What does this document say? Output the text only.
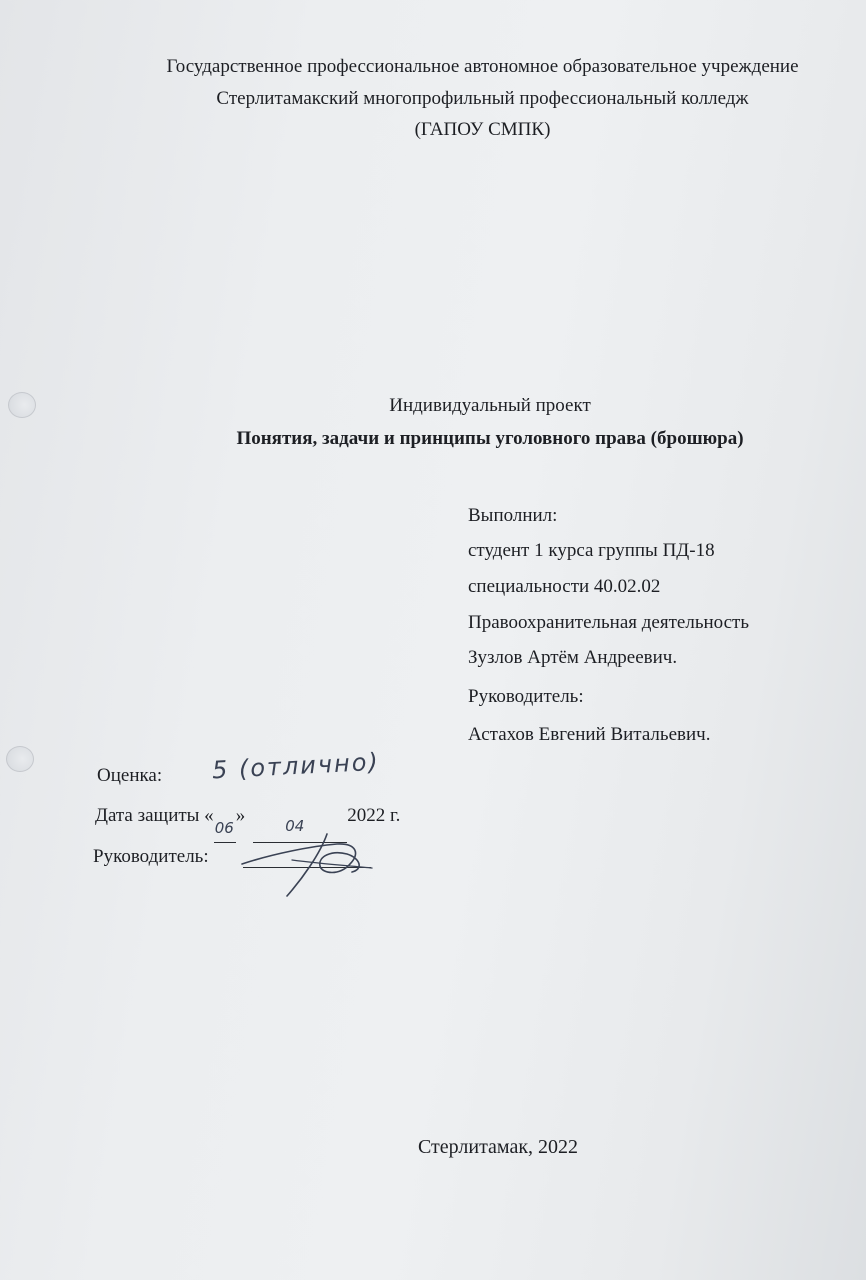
Государственное профессиональное автономное образовательное учреждение
Стерлитамакский многопрофильный профессиональный колледж
(ГАПОУ СМПК)
Индивидуальный проект
Понятия, задачи и принципы уголовного права (брошюра)
Выполнил:
студент 1 курса группы ПД-18
специальности 40.02.02
Правоохранительная деятельность
Зузлов Артём Андреевич.
Руководитель:
Астахов Евгений Витальевич.
Оценка: 5 (отлично)
Дата защиты «
06
»	04 2022 г.
Руководитель:
Стерлитамак, 2022
